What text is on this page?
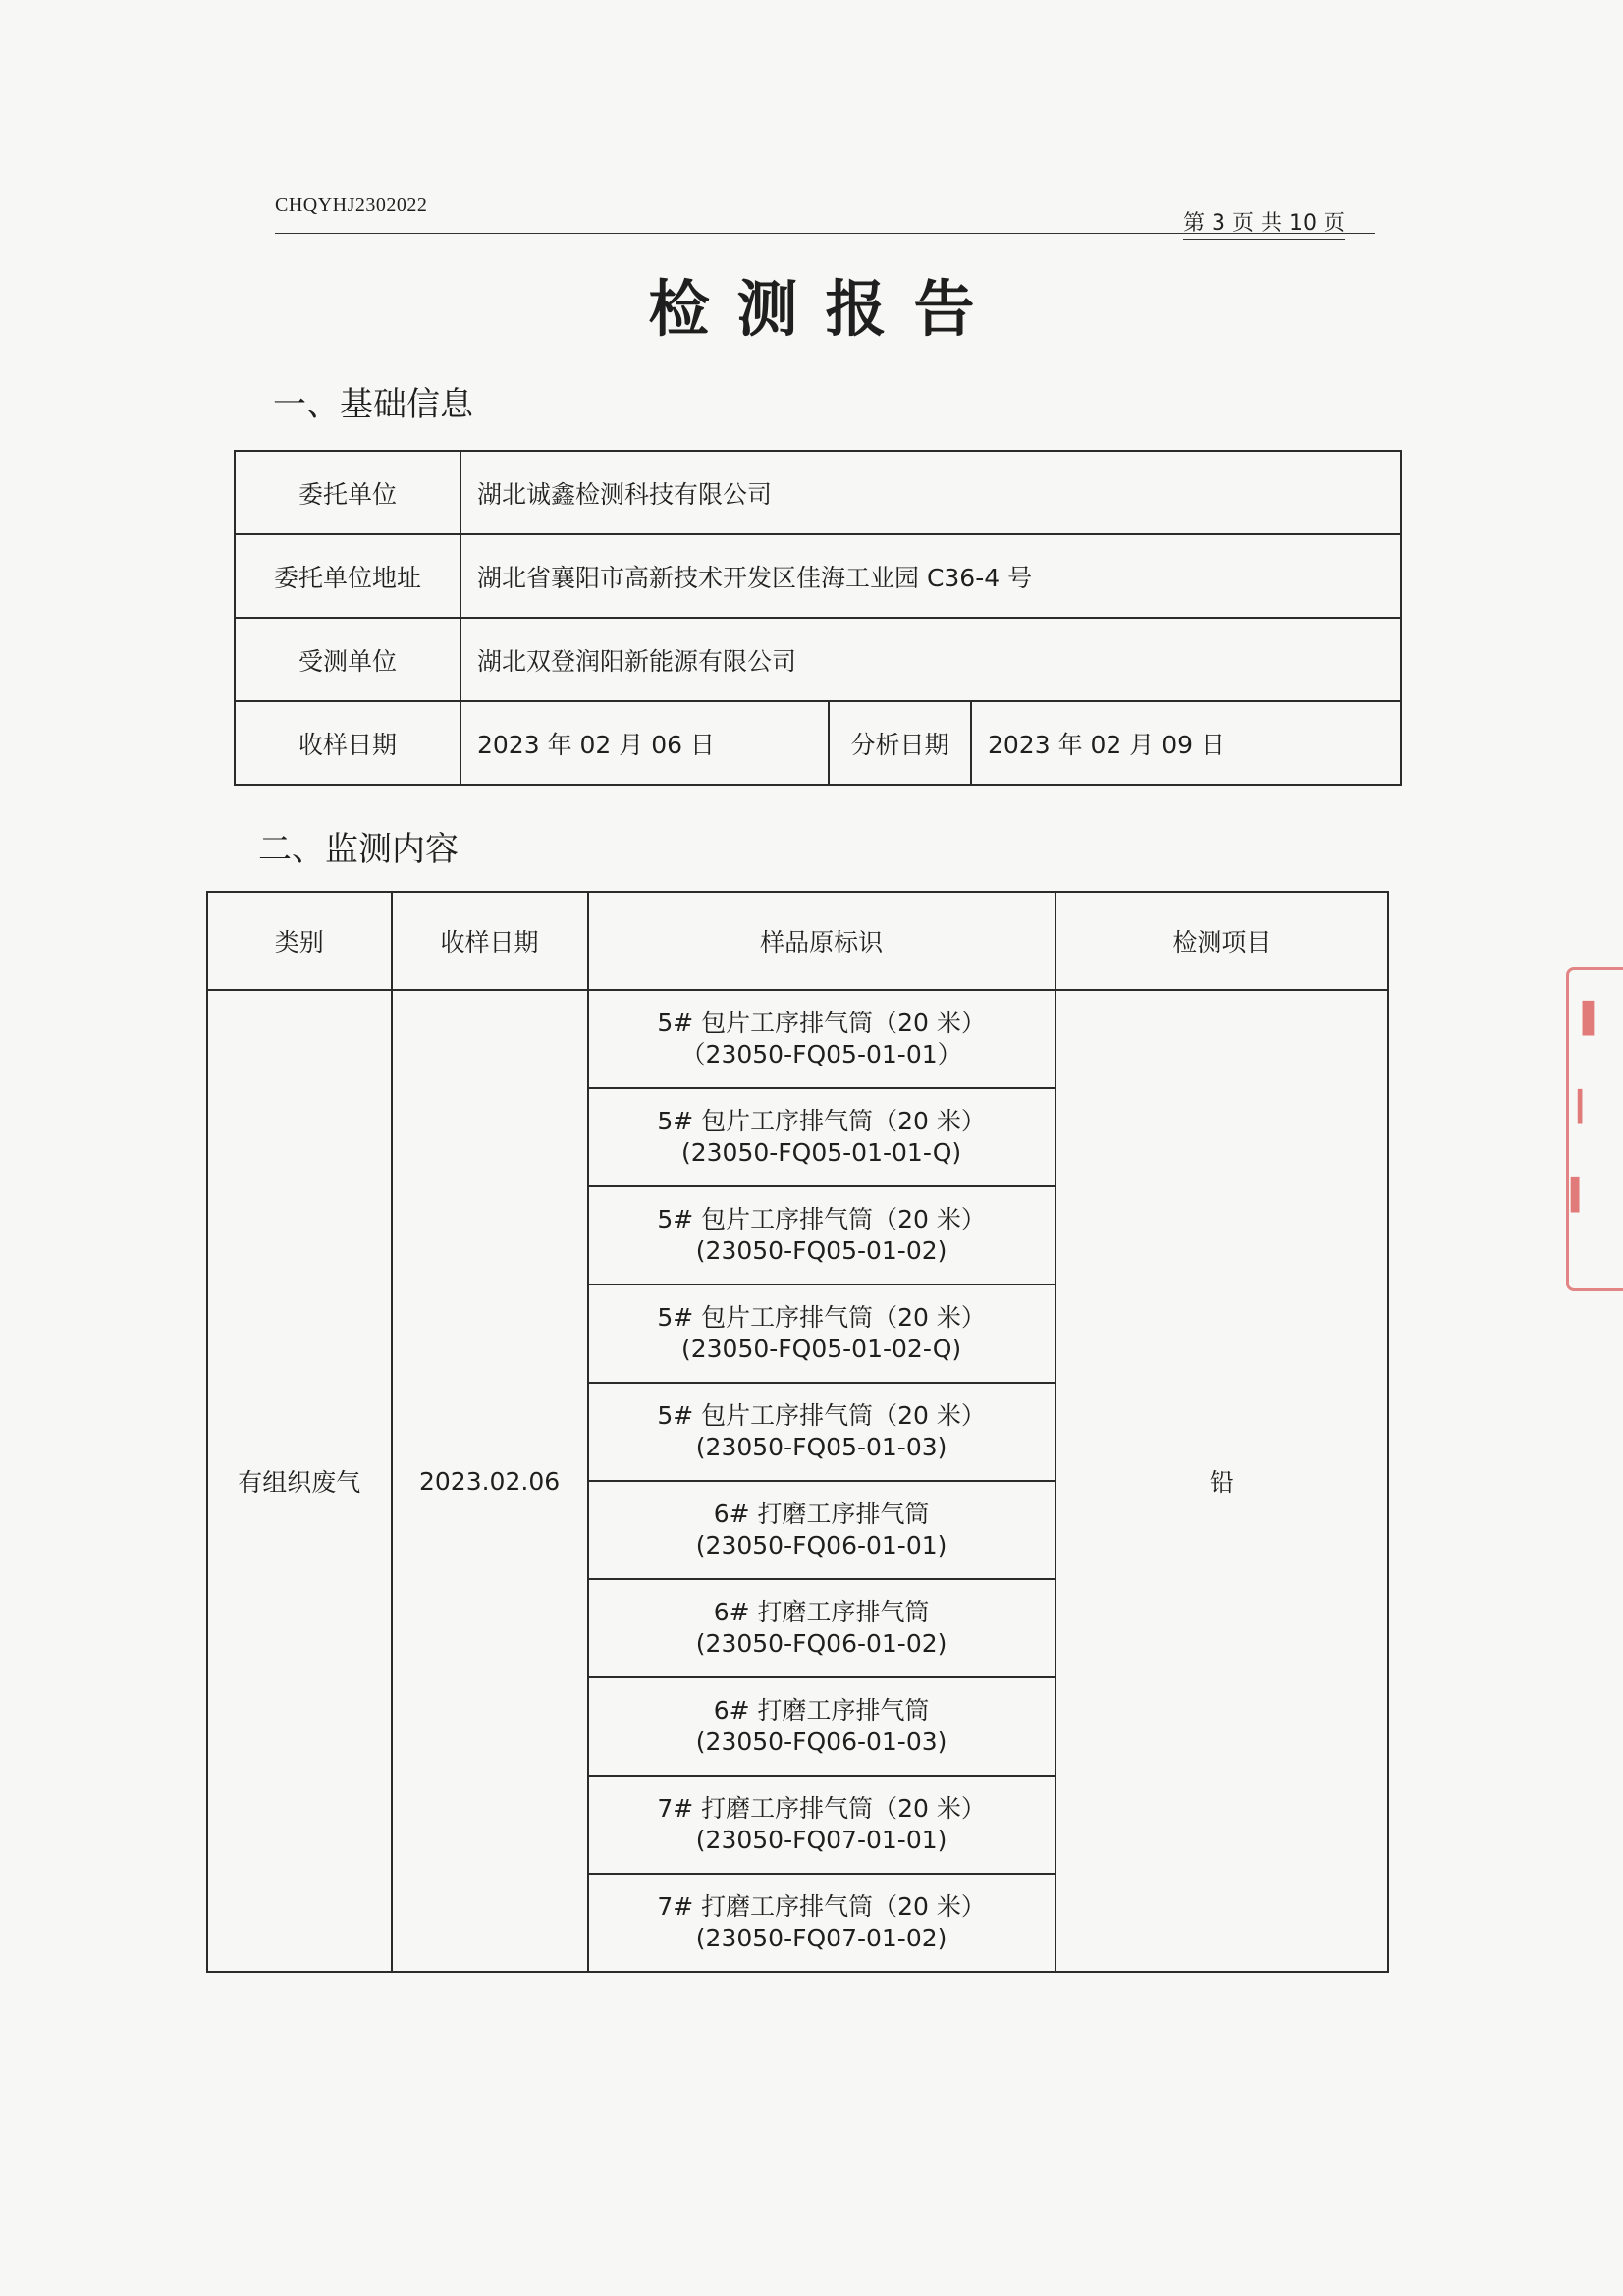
CHQYHJ2302022
第 3 页 共 10 页
检测报告
一、基础信息
委托单位	湖北诚鑫检测科技有限公司		
委托单位地址	湖北省襄阳市高新技术开发区佳海工业园 C36-4 号		
受测单位	湖北双登润阳新能源有限公司		
收样日期	2023 年 02 月 06 日	分析日期	2023 年 02 月 09 日
二、监测内容
类别	收样日期	样品原标识	检测项目
有组织废气	2023.02.06	5# 包片工序排气筒（20 米）
（23050-FQ05-01-01）	铅

		5# 包片工序排气筒（20 米）
(23050-FQ05-01-01-Q)	

		5# 包片工序排气筒（20 米）
(23050-FQ05-01-02)	

		5# 包片工序排气筒（20 米）
(23050-FQ05-01-02-Q)	

		5# 包片工序排气筒（20 米）
(23050-FQ05-01-03)	

		6# 打磨工序排气筒
(23050-FQ06-01-01)	

		6# 打磨工序排气筒
(23050-FQ06-01-02)	

		6# 打磨工序排气筒
(23050-FQ06-01-03)	

		7# 打磨工序排气筒（20 米）
(23050-FQ07-01-01)	

		7# 打磨工序排气筒（20 米）
(23050-FQ07-01-02)	
▐
┃
▍
